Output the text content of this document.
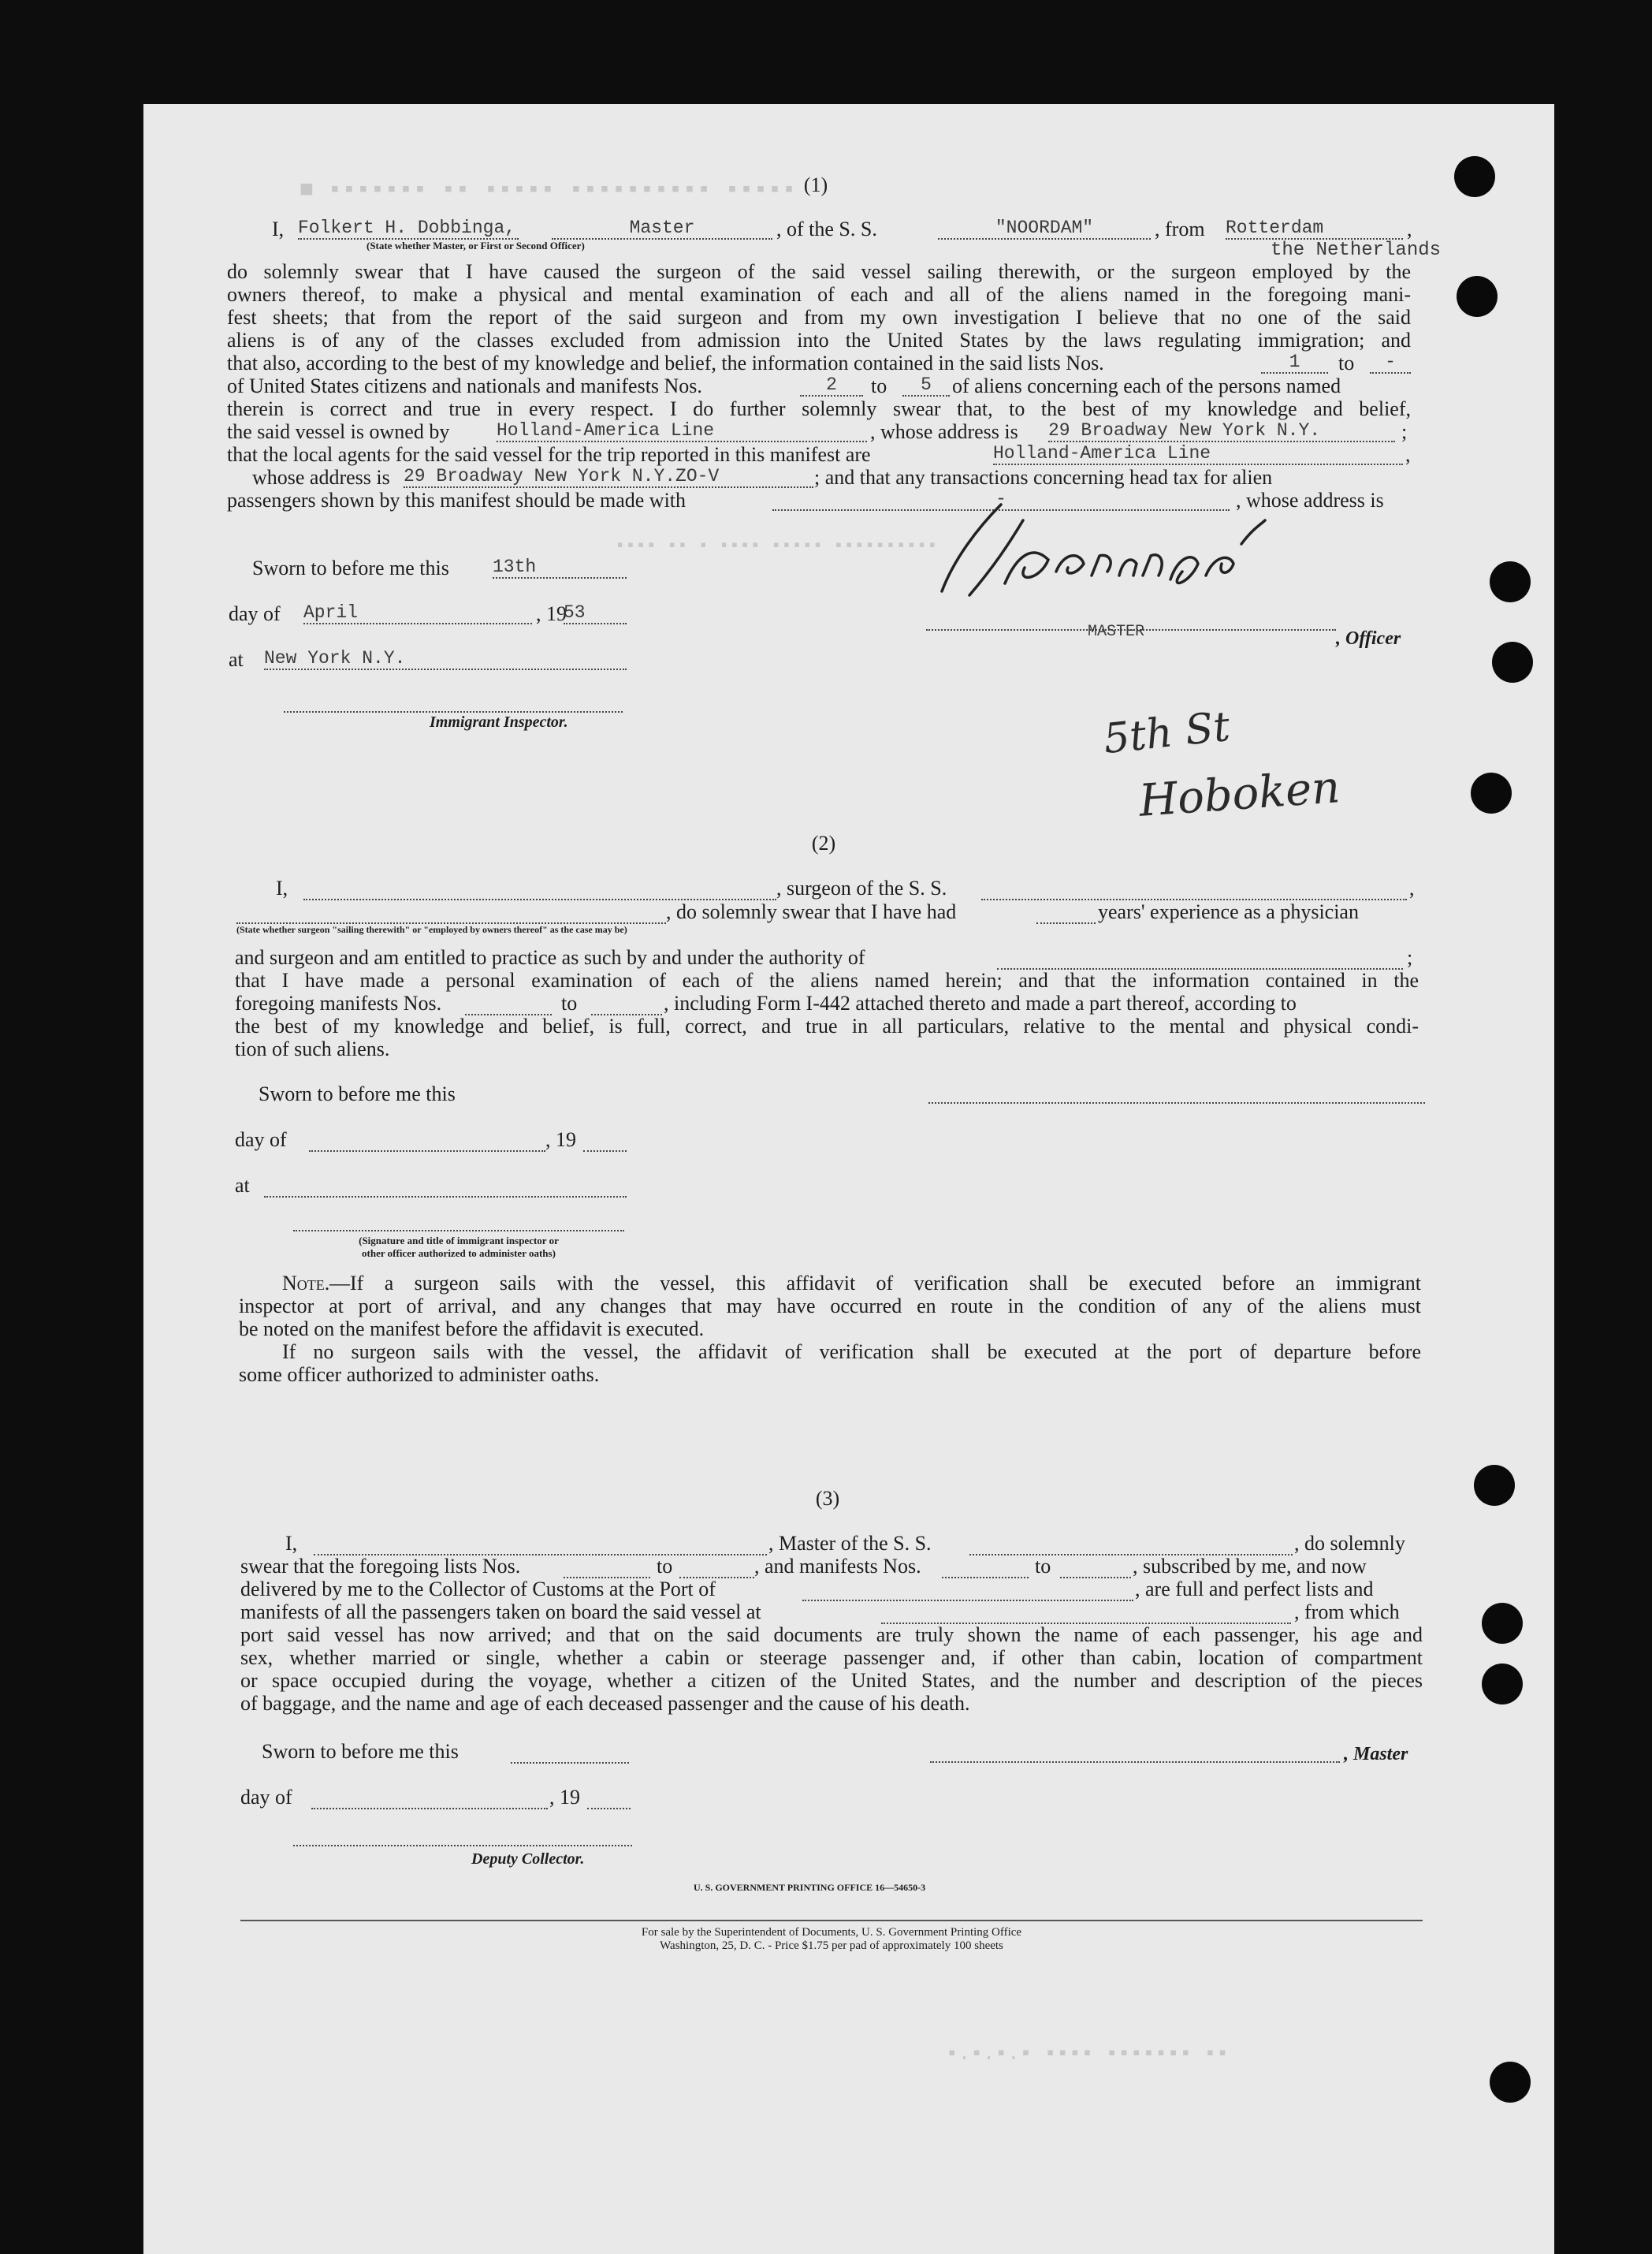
■ ▪▪▪▪▪▪▪ ▪▪ ▪▪▪▪▪ ▪▪▪▪▪▪▪▪▪▪ ▪▪▪▪▪
▪▪▪▪ ▪▪ ▪ ▪▪▪▪ ▪▪▪▪▪ ▪▪▪▪▪▪▪▪▪▪
▪.▪.▪.▪ ▪▪▪▪ ▪▪▪▪▪▪▪ ▪▪
(1)
I, Folkert H. Dobbinga,	Master	, of the S. S.	"NOORDAM"	, from Rotterdam	,
(State whether Master, or First or Second Officer)	the Netherlands
do solemnly swear that I have caused the surgeon of the said vessel sailing therewith, or the surgeon employed by the
owners thereof, to make a physical and mental examination of each and all of the aliens named in the foregoing mani-
fest sheets; that from the report of the said surgeon and from my own investigation I believe that no one of the said
aliens is of any of the classes excluded from admission into the United States by the laws regulating immigration; and
that also, according to the best of my knowledge and belief, the information contained in the said lists Nos.	1	to	-
of United States citizens and nationals and manifests Nos.	2	to	5	of aliens concerning each of the persons named
therein is correct and true in every respect. I do further solemnly swear that, to the best of my knowledge and belief,
the said vessel is owned by	Holland-America Line	, whose address is 29 Broadway New York N.Y.	;
that the local agents for the said vessel for the trip reported in this manifest are	Holland-America Line	,
whose address is 29 Broadway New York N.Y.ZO-V	; and that any transactions concerning head tax for alien
passengers shown by this manifest should be made with	-	, whose address is
Sworn to before me this 13th
day of April	, 19
53
at New York N.Y.
Immigrant Inspector.
MASTER	, Officer
5th St
Hoboken
(2)
I,	, surgeon of the S. S.	,
, do solemnly swear that I have had	years' experience as a physician
(State whether surgeon "sailing therewith" or "employed by owners thereof" as the case may be)
and surgeon and am entitled to practice as such by and under the authority of	;
that I have made a personal examination of each of the aliens named herein; and that the information contained in the
foregoing manifests Nos.	to	, including Form I-442 attached thereto and made a part thereof, according to
the best of my knowledge and belief, is full, correct, and true in all particulars, relative to the mental and physical condi-
tion of such aliens.
Sworn to before me this
day of	, 19
at
(Signature and title of immigrant inspector or
other officer authorized to administer oaths)
Note. —If a surgeon sails with the vessel, this affidavit of verification shall be executed before an immigrant
inspector at port of arrival, and any changes that may have occurred en route in the condition of any of the aliens must
be noted on the manifest before the affidavit is executed.
If no surgeon sails with the vessel, the affidavit of verification shall be executed at the port of departure before
some officer authorized to administer oaths.
(3)
I,	, Master of the S. S.	, do solemnly
swear that the foregoing lists Nos.	to	, and manifests Nos.	to	, subscribed by me, and now
delivered by me to the Collector of Customs at the Port of	, are full and perfect lists and
manifests of all the passengers taken on board the said vessel at	, from which
port said vessel has now arrived; and that on the said documents are truly shown the name of each passenger, his age and
sex, whether married or single, whether a cabin or steerage passenger and, if other than cabin, location of compartment
or space occupied during the voyage, whether a citizen of the United States, and the number and description of the pieces
of baggage, and the name and age of each deceased passenger and the cause of his death.
Sworn to before me this	, Master
day of	, 19
Deputy Collector.
U. S. GOVERNMENT PRINTING OFFICE 16—54650-3
For sale by the Superintendent of Documents, U. S. Government Printing Office
Washington, 25, D. C. - Price $1.75 per pad of approximately 100 sheets
